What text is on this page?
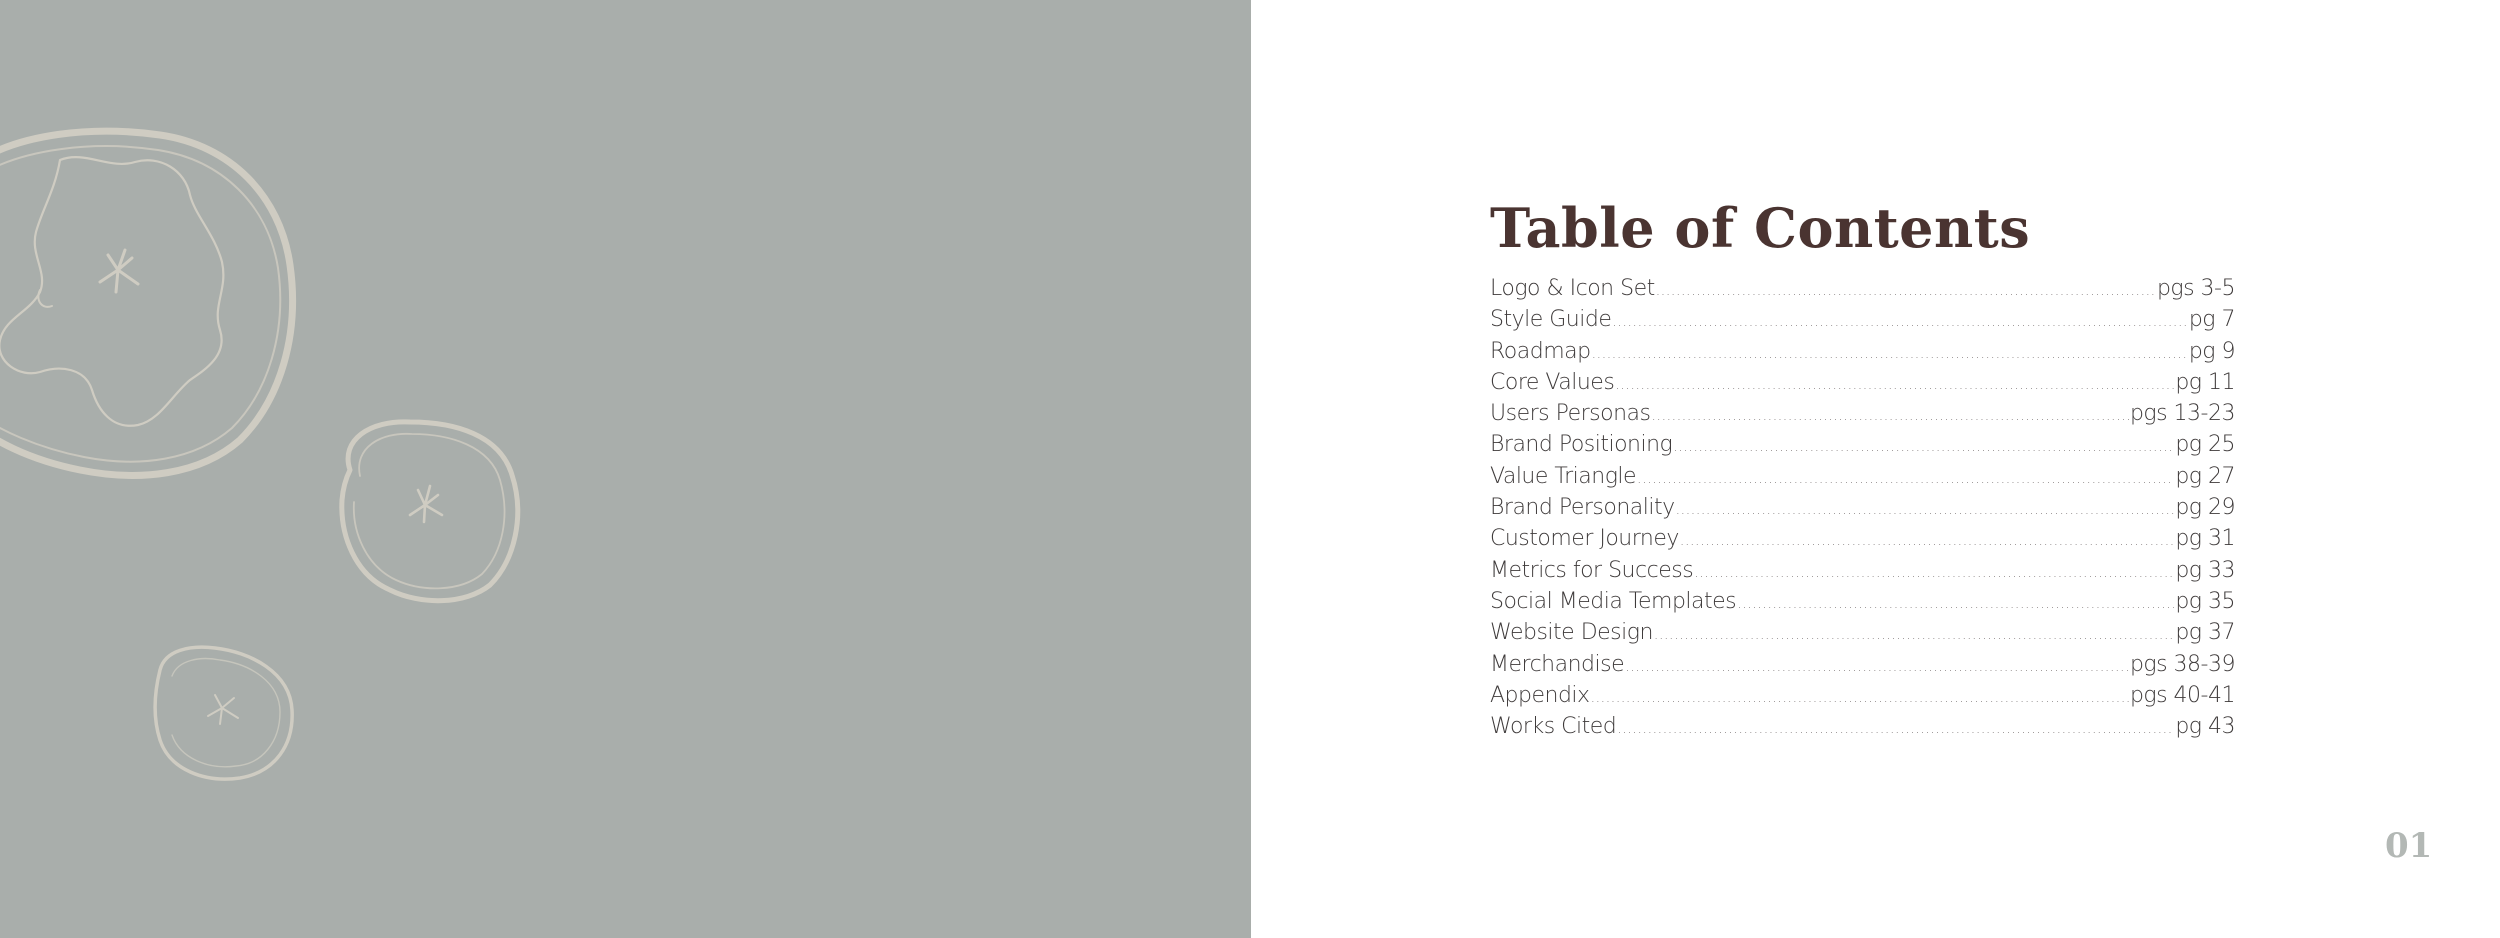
Table of Contents
Logo & Icon Set .....	pgs 3-5
Style Guide .....	pg 7
Roadmap .....	pg 9
Core Values .....	pg 11
Users Personas .....	pgs 13-23
Brand Positioning .....	pg 25
Value Triangle .....	pg 27
Brand Personality .....	pg 29
Customer Journey .....	pg 31
Metrics for Success .....	pg 33
Social Media Templates .....	pg 35
Website Design .....	pg 37
Merchandise .....	pgs 38-39
Appendix .....	pgs 40-41
Works Cited .....	pg 43
01
